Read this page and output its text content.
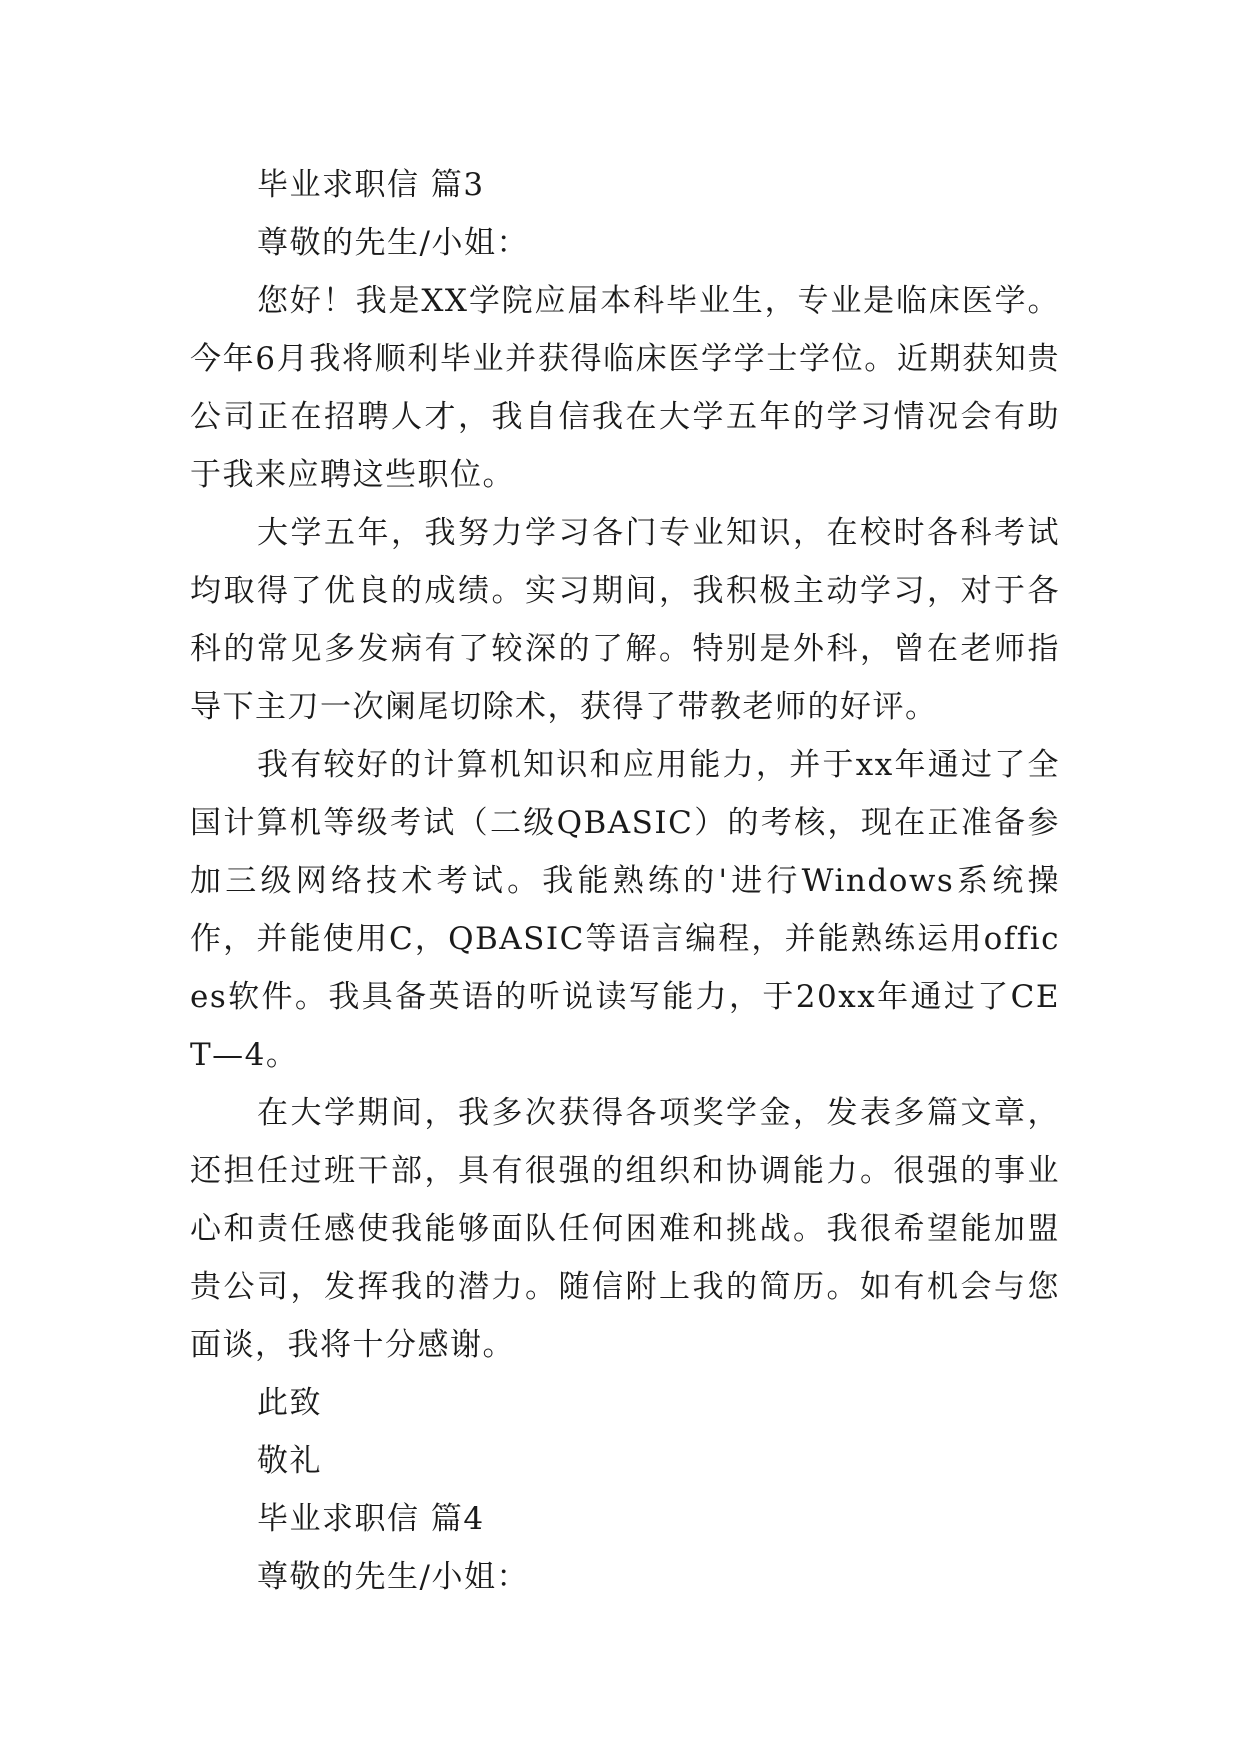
毕业求职信 篇3
尊敬的先生/小姐：

您好！我是XX学院应届本科毕业生，专业是临床医学。今年6月我将顺利毕业并获得临床医学学士学位。近期获知贵公司正在招聘人才，我自信我在大学五年的学习情况会有助于我来应聘这些职位。

大学五年，我努力学习各门专业知识，在校时各科考试均取得了优良的成绩。实习期间，我积极主动学习，对于各科的常见多发病有了较深的了解。特别是外科，曾在老师指导下主刀一次阑尾切除术，获得了带教老师的好评。

我有较好的计算机知识和应用能力，并于xx年通过了全国计算机等级考试（二级QBASIC）的考核，现在正准备参加三级网络技术考试。我能熟练的'进行Windows系统操作，并能使用C，QBASIC等语言编程，并能熟练运用offices软件。我具备英语的听说读写能力，于20xx年通过了CET—4。

在大学期间，我多次获得各项奖学金，发表多篇文章，还担任过班干部，具有很强的组织和协调能力。很强的事业心和责任感使我能够面队任何困难和挑战。我很希望能加盟贵公司，发挥我的潜力。随信附上我的简历。如有机会与您面谈，我将十分感谢。

此致
敬礼
毕业求职信 篇4
尊敬的先生/小姐：
